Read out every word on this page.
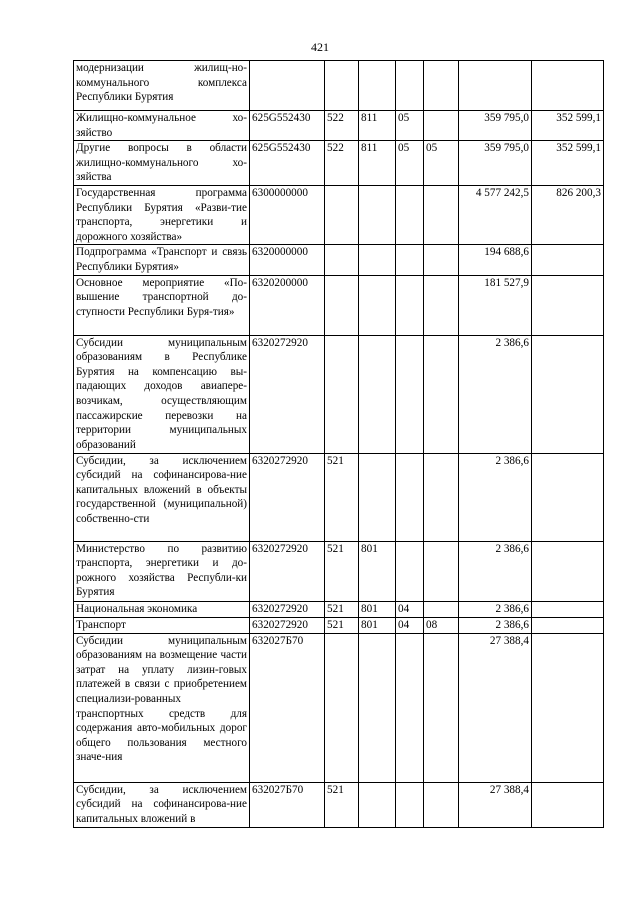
421
модернизации жилищ-но-коммунального комплекса Республики Бурятия							

Жилищно-коммунальное хо-зяйство	625G552430	522	811	05		359 795,0	352 599,1

Другие вопросы в области жилищно-коммунального хо-зяйства	625G552430	522	811	05	05	359 795,0	352 599,1

Государственная программа Республики Бурятия «Разви-тие транспорта, энергетики и дорожного хозяйства»	6300000000					4 577 242,5	826 200,3

Подпрограмма «Транспорт и связь Республики Бурятия»	6320000000					194 688,6	

Основное мероприятие «По-вышение транспортной до-ступности Республики Буря-тия»	6320200000					181 527,9	

Субсидии муниципальным образованиям в Республике Бурятия на компенсацию вы-падающих доходов авиапере-возчикам, осуществляющим пассажирские перевозки на территории муниципальных образований	6320272920					2 386,6	

Субсидии, за исключением субсидий на софинансирова-ние капитальных вложений в объекты государственной (муниципальной) собственно-сти	6320272920	521				2 386,6	

Министерство по развитию транспорта, энергетики и до-рожного хозяйства Республи-ки Бурятия	6320272920	521	801			2 386,6	

Национальная экономика	6320272920	521	801	04		2 386,6	

Транспорт	6320272920	521	801	04	08	2 386,6	

Субсидии муниципальным образованиям на возмещение части затрат на уплату лизин-говых платежей в связи с приобретением специализи-рованных транспортных средств для содержания авто-мобильных дорог общего пользования местного значе-ния	632027Б70					27 388,4	

Субсидии, за исключением субсидий на софинансирова-ние капитальных вложений в	632027Б70	521				27 388,4	
